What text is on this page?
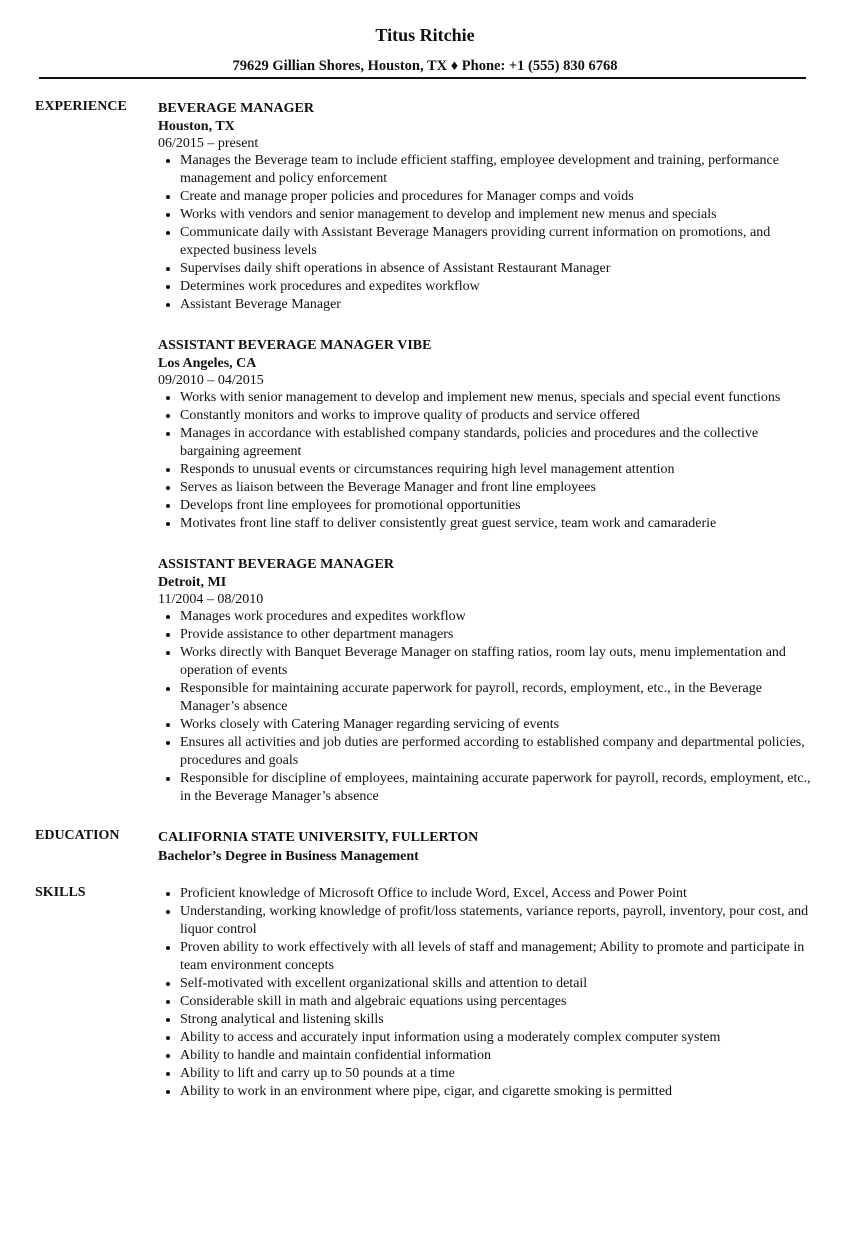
Titus Ritchie
79629 Gillian Shores, Houston, TX ♦ Phone: +1 (555) 830 6768
EXPERIENCE BEVERAGE MANAGER
Houston, TX
06/2015 – present
• Manages the Beverage team to include efficient staffing, employee development and training, performance management and policy enforcement
• Create and manage proper policies and procedures for Manager comps and voids
• Works with vendors and senior management to develop and implement new menus and specials
• Communicate daily with Assistant Beverage Managers providing current information on promotions, and expected business levels
• Supervises daily shift operations in absence of Assistant Restaurant Manager
• Determines work procedures and expedites workflow
• Assistant Beverage Manager
ASSISTANT BEVERAGE MANAGER VIBE
Los Angeles, CA
09/2010 – 04/2015
• Works with senior management to develop and implement new menus, specials and special event functions
• Constantly monitors and works to improve quality of products and service offered
• Manages in accordance with established company standards, policies and procedures and the collective bargaining agreement
• Responds to unusual events or circumstances requiring high level management attention
• Serves as liaison between the Beverage Manager and front line employees
• Develops front line employees for promotional opportunities
• Motivates front line staff to deliver consistently great guest service, team work and camaraderie
ASSISTANT BEVERAGE MANAGER
Detroit, MI
11/2004 – 08/2010
• Manages work procedures and expedites workflow
• Provide assistance to other department managers
• Works directly with Banquet Beverage Manager on staffing ratios, room lay outs, menu implementation and operation of events
• Responsible for maintaining accurate paperwork for payroll, records, employment, etc., in the Beverage Manager’s absence
• Works closely with Catering Manager regarding servicing of events
• Ensures all activities and job duties are performed according to established company and departmental policies, procedures and goals
• Responsible for discipline of employees, maintaining accurate paperwork for payroll, records, employment, etc., in the Beverage Manager’s absence
EDUCATION	CALIFORNIA STATE UNIVERSITY, FULLERTON
Bachelor’s Degree in Business Management
SKILLS
•	Proficient knowledge of Microsoft Office to include Word, Excel, Access and Power Point
• Understanding, working knowledge of profit/loss statements, variance reports, payroll, inventory, pour cost, and liquor control
• Proven ability to work effectively with all levels of staff and management; Ability to promote and participate in team environment concepts
• Self-motivated with excellent organizational skills and attention to detail
• Considerable skill in math and algebraic equations using percentages
• Strong analytical and listening skills
• Ability to access and accurately input information using a moderately complex computer system
• Ability to handle and maintain confidential information
• Ability to lift and carry up to 50 pounds at a time
• Ability to work in an environment where pipe, cigar, and cigarette smoking is permitted
